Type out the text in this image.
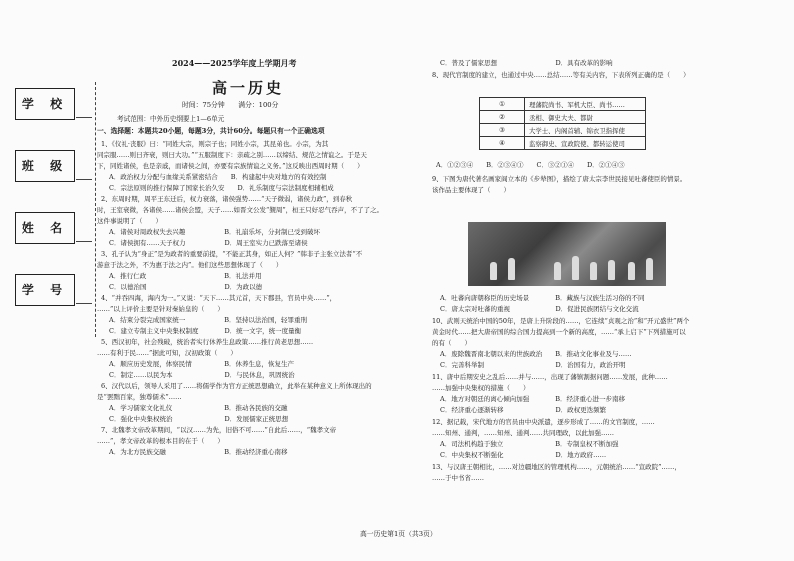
学 校
班 级
姓 名
学 号
2024——2025学年度上学期月考
高一历史
时间：75分钟　　满分：100分
考试范围：中外历史纲要上1—6单元
一、选择题：本题共20小题，每题3分，共计60分。每题只有一个正确选项
1、《仪礼·丧服》曰：“同姓大宗，则宗子也；同姓小宗，其昆弟也。小宗，为其
同宗服……则曰齐衰，则曰大功。”“五服制度下：亲疏之别……以缔结、规范之情谊之。于是天
下，同姓诸侯，也是亲戚，而诸侯之间，亦要有宗族情谊之义务。”这反映出西周时期（　　）
A．政治权力分配与血缘关系紧密结合　　B．构建起中央对地方的有效控制
C．宗法原则的推行保障了国家长治久安　　D．礼乐制度与宗法制度相辅相成
2、东周时期，周平王东迁后，权力衰落，诸侯强势……“天子微弱，诸侯力政”，到春秋
时，王室衰微，各诸侯……诸侯会盟，天子……如晋文公发“觐周”，桓王只好忍气吞声，不了了之。
这件事说明了（　　）
A．诸侯对周政权失去兴趣　　　　　　B．礼崩乐坏，分封制已受到破坏
C．诸侯拥有……天子权力　　　　　　D．周王室实力已跌落至诸侯
3、孔子认为“身正”是为政者的重要前提，“不能正其身，如正人何？”韩非子主张立法者“不
游意于法之外，不为惠于法之内”。他们这些思想体现了（　　）
A．推行仁政　　　　　　　　　　　　B．礼法并用
C．以德治国　　　　　　　　　　　　D．为政以德
4、“并吞四海，海内为一。”又说：“天下……其元首，天下郡县，官员中央……”，
……”以上评价主要是针对秦始皇的（　　）
A．结束分裂完成国家统一　　　　　　B．坚持以法治国，轻罪重刑
C．建立专制主义中央集权制度　　　　D．统一文字，统一度量衡
5、西汉初年，社会残破，统治者实行休养生息政策……推行黄老思想……
……有利于民……”据此可知，汉初政策（　　）
A．顺应历史发展，体察民情　　　　　B．休养生息，恢复生产
C．制定……以民为本　　　　　　　　D．与民休息，巩固统治
6、汉代以后，领导人采用了……将儒学作为官方正统思想确立，此举在某种意义上所体现出的
是“罢黜百家，独尊儒术”……
A．学习儒家文化礼仪　　　　　　　　B．推动各民族的交融
C．强化中央集权统治　　　　　　　　D．发展儒家正统思想
7、北魏孝文帝改革期间，“以汉……为先，旧俗不可……”自此后……，“魏孝文帝
……”，孝文帝改革的根本目的在于（　　）
A．为北方民族交融　　　　　　　　　B．推动经济重心南移
C．普及了儒家思想　　　　　　　　　D．具有改革的影响
8、现代官制度的建立，也通过中央……总结……等有关内容，下表所列正确的是（　　）
①	理藩院尚书、军机大臣、尚书……
②	丞相、御史大夫、都尉
③	大学士、内阁首辅、锦衣卫指挥使
④	监察御史、宣政院使、都转运使司
A．①②③④　　B．②③④①　　C．③②①④　　D．②①④③
9、下图为唐代著名画家阎立本的《步辇图》，描绘了唐太宗李世民接见吐蕃使臣的情景。
该作品主要体现了（　　）
A．吐蕃向唐朝称臣的历史场景　　　　B．藏族与汉族生活习俗的不同
C．唐太宗对吐蕃的重视　　　　　　　D．促进民族团结与文化交流
10、武则天统治中国的50年，是唐上升阶段的……，它连续“贞观之治”和“开元盛世”两个
黄金时代……把大唐帝国的综合国力提高到一个新的高度，……“承上启下”下列措施可以
的有（　　）
A．废除魏晋南北朝以来的世族政治　　B．推动文化事业及与……
C．完善科举制　　　　　　　　　　　D．治国有力，政治开明
11、唐中后期安史之乱后……并与……，出现了藩镇割据问题……发展，此种……
……加强中央集权的措施（　　）
A．地方对朝廷的离心倾向加强　　　　B．经济重心进一步南移
C．经济重心逐渐转移　　　　　　　　D．政权更迭频繁
12、据记载，宋代地方的官员由中央派遣，逐步形成了……的文官制度，……
……知州、通判，……知州、通判……共同理政，以此加强……
A．司法机构趋于独立　　　　　　　　B．专制皇权不断加强
C．中央集权不断强化　　　　　　　　D．地方政府……
13、与汉唐王朝相比，……对边疆地区的管理机构……，元朝统治……“宣政院”……，
……于中书省……
高一历史第1页（共3页）
